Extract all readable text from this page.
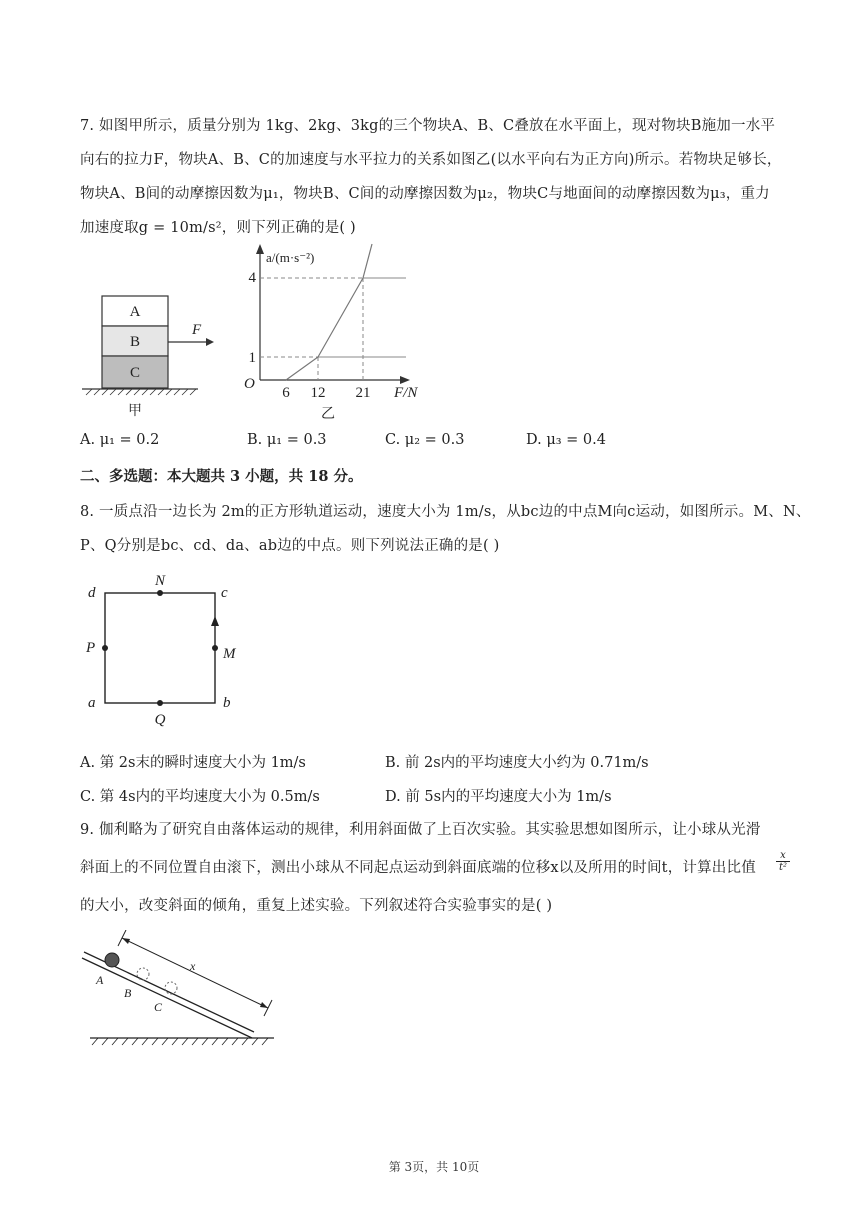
7. 如图甲所示，质量分别为 1kg、2kg、3kg的三个物块A、B、C叠放在水平面上，现对物块B施加一水平
向右的拉力F，物块A、B、C的加速度与水平拉力的关系如图乙(以水平向右为正方向)所示。若物块足够长，
物块A、B间的动摩擦因数为μ₁，物块B、C间的动摩擦因数为μ₂，物块C与地面间的动摩擦因数为μ₃，重力
加速度取g = 10m/s²，则下列正确的是( )
A
B
C
F
甲
a/(m·s⁻²)
4
1
O
6 12 21 F/N
乙
A. μ₁ = 0.2	B. μ₁ = 0.3	C. μ₂ = 0.3	D. μ₃ = 0.4
二、多选题：本大题共 3 小题，共 18 分。
8. 一质点沿一边长为 2m的正方形轨道运动，速度大小为 1m/s，从bc边的中点M向c运动，如图所示。M、N、
P、Q分别是bc、cd、da、ab边的中点。则下列说法正确的是( )
d	c
a	b
N
P	M
Q
A. 第 2s末的瞬时速度大小为 1m/s	B. 前 2s内的平均速度大小约为 0.71m/s
C. 第 4s内的平均速度大小为 0.5m/s	D. 前 5s内的平均速度大小为 1m/s
9. 伽利略为了研究自由落体运动的规律，利用斜面做了上百次实验。其实验思想如图所示，让小球从光滑
斜面上的不同位置自由滚下，测出小球从不同起点运动到斜面底端的位移x以及所用的时间t，计算出比值 $\frac{x}{\text{t²}}$
的大小，改变斜面的倾角，重复上述实验。下列叙述符合实验事实的是( )
x
A
B
C
第 3页，共 10页
